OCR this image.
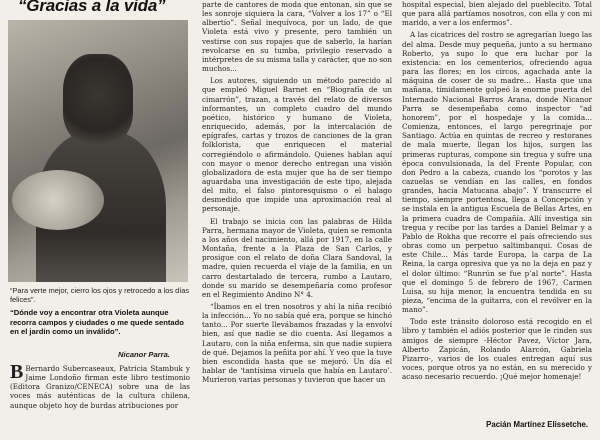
“Gracias a la vida”
“Para verte mejor, cierro los ojos y retrocedo a los días felices”.
“Dónde voy a encontrar otra Violeta aunque recorra campos y ciudades o me quede sentado en el jardín como un inválido”.
Nicanor Parra.

B Bernardo Subercaseaux, Patricia Stambuk y Jaime Londoño firman este libro testimonio (Editora Granizo/CENECA) sobre una de las voces más auténticas de la cultura chilena, aunque objeto hoy de burdas atribuciones por

parte de cantores de moda que entonan, sin que se les sonroje siquiera la cara, “Volver a los 17” o “El albertío”. Señal inequívoca, por un lado, de que Violeta está vivo y presente, pero también un vestirse con sus ropajes que de saberlo, la harían revolcarse en su tumba, privilegio reservado a intérpretes de su misma talla y carácter, que no son muchos...

Los autores, siguiendo un método parecido al que empleó Miguel Barnet en “Biografía de un cimarrón”, trazan, a través del relato de diversos informantes, un completo cuadro del mundo poético, histórico y humano de Violeta, enriquecido, además, por la intercalación de epígrafes, cartas y trozos de canciones de la gran folklorista, que enriquecen el material corregiéndolo o afirmándolo. Quienes hablan aquí con mayor o menor derecho entregan una visión globalizadora de esta mujer que ha de ser tiempo aguardaba una investigación de este tipo, alejada del mito, el falso pintoresquismo o el halago desmedido que impide una aproximación real al personaje.

El trabajo se inicia con las palabras de Hilda Parra, hermana mayor de Violeta, quien se remonta a los años del nacimiento, allá por 1917, en la calle Montaña, frente a la Plaza de San Carlos, y prosigue con el relato de doña Clara Sandoval, la madre, quien recuerda el viaje de la familia, en un carro destartalado de tercera, rumbo a Lautaro, donde su marido se desempeñaría como profesor en el Regimiento Andino N° 4.

“Íbamos en el tren nosotros y ahí la niña recibió la infección... Yo no sabía qué era, porque se hinchó tanto... Por suerte llevábamos frazadas y la envolví bien, así que nadie se dio cuenta. Así llegamos a Lautaro, con la niña enferma, sin que nadie supiera de qué. Dejamos la peñita por ahí. Y veo que la tuve bien escondida hasta que se mejoró. Un día el hablar de ‘tantísima viruela que había en Lautaro’. Murieron varias personas y tuvieron que hacer un

hospital especial, bien alejado del pueblecito. Total que para allá partíamos nosotros, con ella y con mi marido, a ver a los enfermos”.

A las cicatrices del rostro se agregarían luego las del alma. Desde muy pequeña, junto a su hermano Roberto, ya supo lo que era luchar por la existencia: en los cementerios, ofreciendo agua para las flores; en los circos, agachada ante la máquina de coser de su madre... Hasta que una mañana, tímidamente golpeó la enorme puerta del Internado Nacional Barros Arana, donde Nicanor Parra se desempeñaba como inspector “ad honorem”, por el hospedaje y la comida... Comienza, entonces, el largo peregrinaje por Santiago. Actúa en quintas de recreo y restoranes de mala muerte, llegan los hijos, surgen las primeras rupturas, compone sin tregua y sufre una época convulsionada, la del Frente Popular, con don Pedro a la cabeza, cuando los “porotos y las cazuelas se vendían en las calles, en fondos grandes, hacia Matucana abajo”. Y transcurre el tiempo, siempre portentosa, llega a Concepción y se instala en la antigua Escuela de Bellas Artes, en la primera cuadra de Compañía. Allí investiga sin tregua y recibe por las tardes a Daniel Belmar y a Pablo de Rokha que recorre el país ofreciendo sus obras como un perpetuo saltimbanqui. Cosas de este Chile... Más tarde Europa, la carpa de La Reina, la carga opresiva que ya no la deja en paz y el dolor último: “Runrún se fue p’al norte”. Hasta que el domingo 5 de febrero de 1967, Carmen Luisa, su hija menor, la encuentra tendida en su pieza, “encima de la guitarra, con el revólver en la mano”.

Todo este tránsito doloroso está recogido en el libro y también el adiós posterior que le rinden sus amigos de siempre -Héctor Pavez, Víctor Jara, Alberto Zapicán, Rolando Alarcón, Gabriela Pizarro-, varios de los cuales entregan aquí sus voces, porque otros ya no están, en su merecido y acaso necesario recuerdo. ¡Qué mejor homenaje!

Pacián Martínez Elissetche.
